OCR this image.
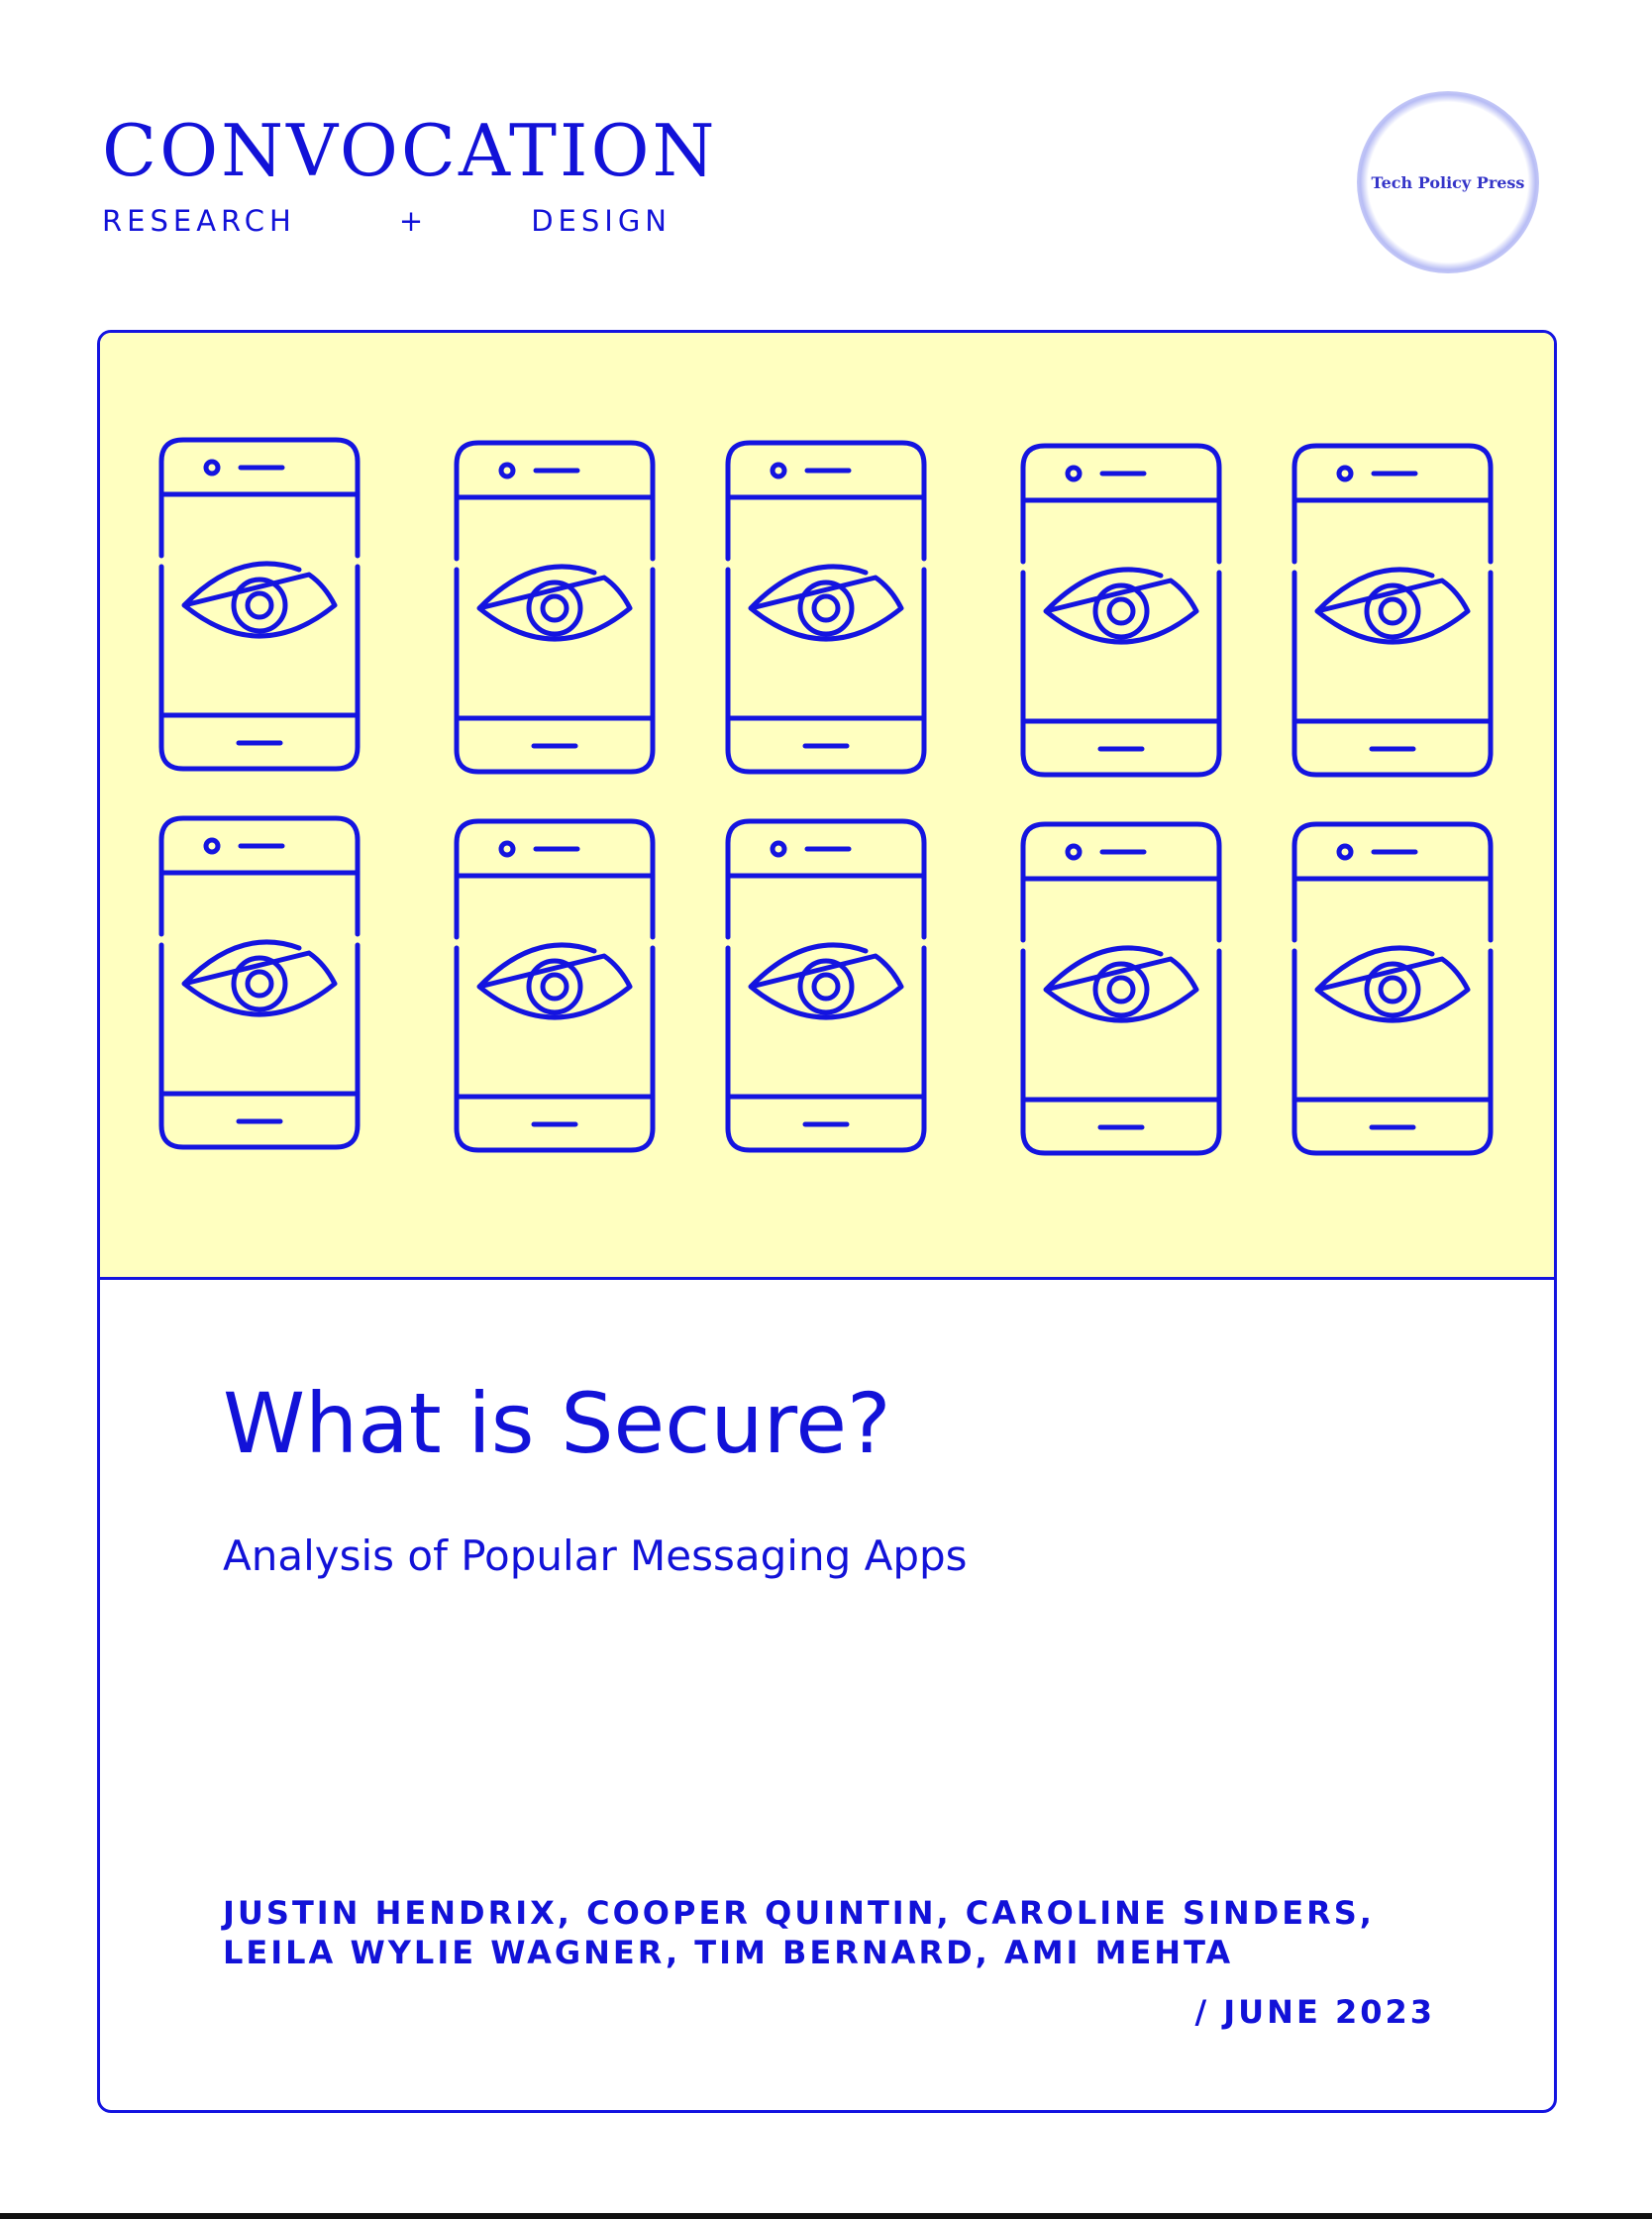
CONVOCATION
RESEARCH	+	DESIGN
Tech Policy Press
What is Secure?
Analysis of Popular Messaging Apps
JUSTIN HENDRIX, COOPER QUINTIN, CAROLINE SINDERS,
LEILA WYLIE WAGNER, TIM BERNARD, AMI MEHTA
/ JUNE 2023
